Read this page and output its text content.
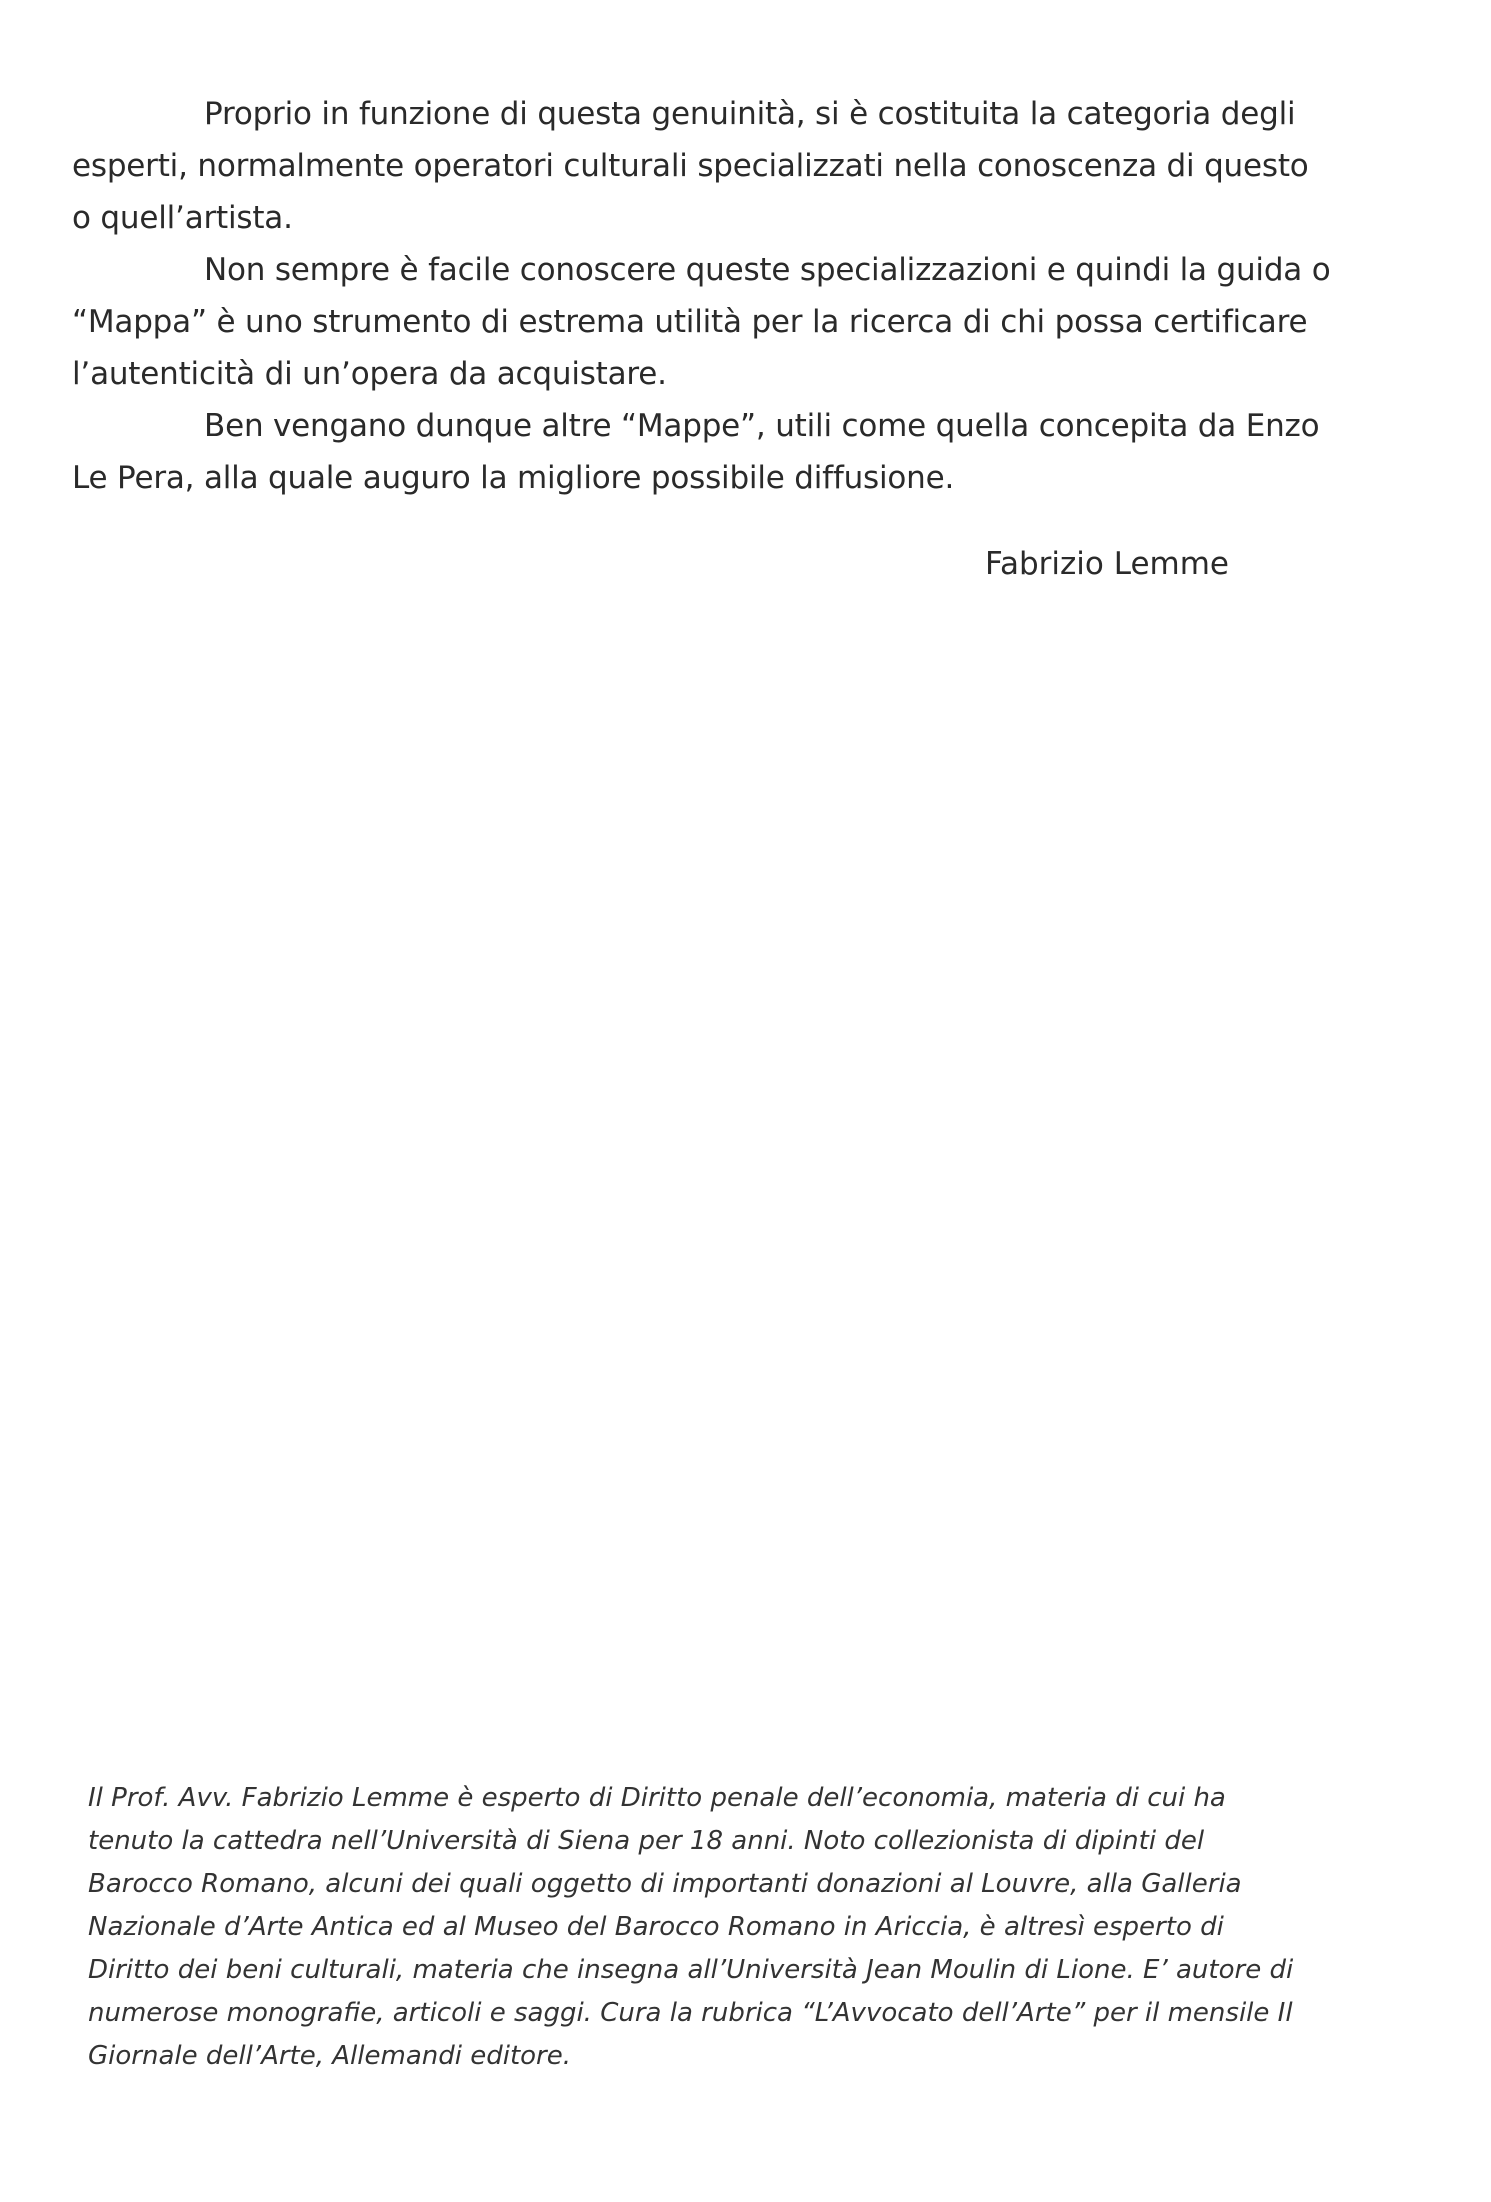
Proprio in funzione di questa genuinità, si è costituita la categoria degli
esperti, normalmente operatori culturali specializzati nella conoscenza di questo
o quell’artista.

Non sempre è facile conoscere queste specializzazioni e quindi la guida o
“Mappa” è uno strumento di estrema utilità per la ricerca di chi possa certificare
l’autenticità di un’opera da acquistare.

Ben vengano dunque altre “Mappe”, utili come quella concepita da Enzo
Le Pera, alla quale auguro la migliore possibile diffusione.

Fabrizio Lemme
Il Prof. Avv. Fabrizio Lemme è esperto di Diritto penale dell’economia, materia di cui ha
tenuto la cattedra nell’Università di Siena per 18 anni. Noto collezionista di dipinti del
Barocco Romano, alcuni dei quali oggetto di importanti donazioni al Louvre, alla Galleria
Nazionale d’Arte Antica ed al Museo del Barocco Romano in Ariccia, è altresì esperto di
Diritto dei beni culturali, materia che insegna all’Università Jean Moulin di Lione. E’ autore di
numerose monografie, articoli e saggi. Cura la rubrica “L’Avvocato dell’Arte” per il mensile Il
Giornale dell’Arte, Allemandi editore.
